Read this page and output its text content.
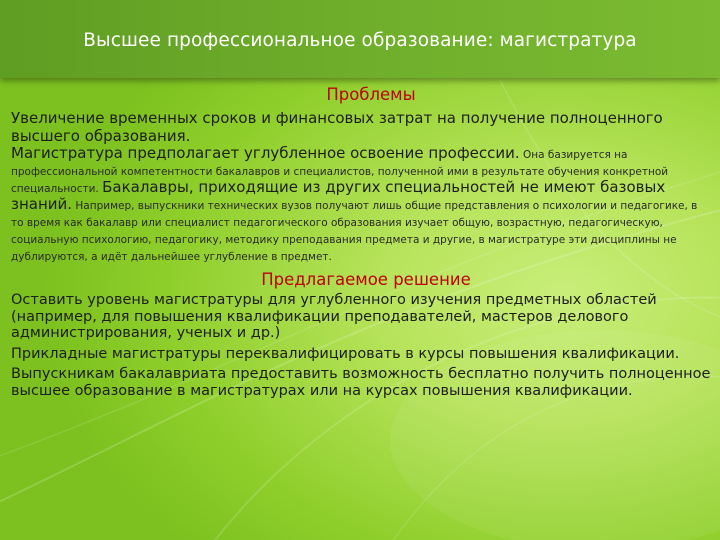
Высшее профессиональное образование: магистратура
Проблемы

Увеличение временных сроков и финансовых затрат на получение полноценного высшего образования.

Магистратура предполагает углубленное освоение профессии. Она базируется на профессиональной компетентности бакалавров и специалистов, полученной ими в результате обучения конкретной специальности. Бакалавры, приходящие из других специальностей не имеют базовых знаний. Например, выпускники технических вузов получают лишь общие представления о психологии и педагогике, в то время как бакалавр или специалист педагогического образования изучает общую, возрастную, педагогическую, социальную психологию, педагогику, методику преподавания предмета и другие, в магистратуре эти дисциплины не дублируются, а идёт дальнейшее углубление в предмет.

Предлагаемое решение

Оставить уровень магистратуры для углубленного изучения предметных областей (например, для повышения квалификации преподавателей, мастеров делового администрирования, ученых и др.)

Прикладные магистратуры переквалифицировать в курсы повышения квалификации.

Выпускникам бакалавриата предоставить возможность бесплатно получить полноценное высшее образование в магистратурах или на курсах повышения квалификации.
